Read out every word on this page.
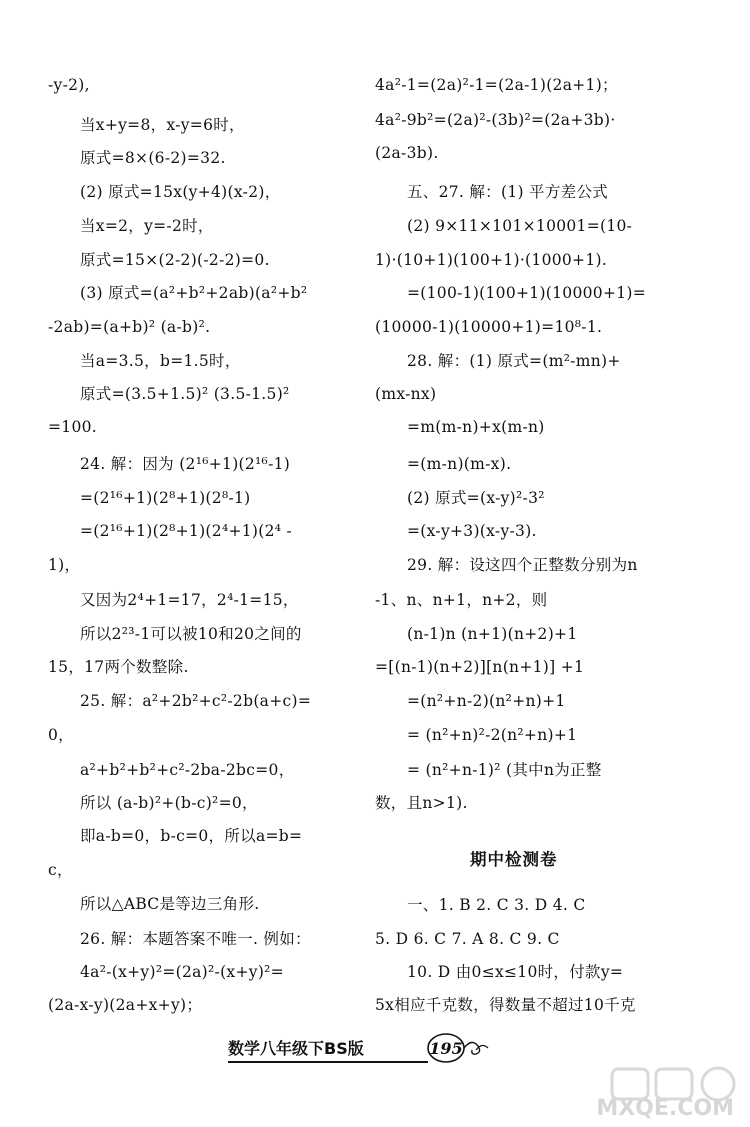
-y-2),
当x+y=8，x-y=6时，
原式=8×(6-2)=32.
(2) 原式=15x(y+4)(x-2)，
当x=2，y=-2时，
原式=15×(2-2)(-2-2)=0.
(3) 原式=(a²+b²+2ab)(a²+b²
-2ab)=(a+b)² (a-b)².
当a=3.5，b=1.5时，
原式=(3.5+1.5)² (3.5-1.5)²
=100.
24. 解：因为 (2¹⁶+1)(2¹⁶-1)
=(2¹⁶+1)(2⁸+1)(2⁸-1)
=(2¹⁶+1)(2⁸+1)(2⁴+1)(2⁴ -
1)，
又因为2⁴+1=17，2⁴-1=15，
所以2²³-1可以被10和20之间的
15，17两个数整除.
25. 解：a²+2b²+c²-2b(a+c)=
0，
a²+b²+b²+c²-2ba-2bc=0，
所以 (a-b)²+(b-c)²=0，
即a-b=0，b-c=0，所以a=b=
c，
所以△ABC是等边三角形.
26. 解：本题答案不唯一. 例如：
4a²-(x+y)²=(2a)²-(x+y)²=
(2a-x-y)(2a+x+y)；
4a²-1=(2a)²-1=(2a-1)(2a+1)；
4a²-9b²=(2a)²-(3b)²=(2a+3b)·
(2a-3b).
五、27. 解：(1) 平方差公式
(2) 9×11×101×10001=(10-
1)·(10+1)(100+1)·(1000+1).
=(100-1)(100+1)(10000+1)=
(10000-1)(10000+1)=10⁸-1.
28. 解：(1) 原式=(m²-mn)+
(mx-nx)
=m(m-n)+x(m-n)
=(m-n)(m-x).
(2) 原式=(x-y)²-3²
=(x-y+3)(x-y-3).
29. 解：设这四个正整数分别为n
-1、n、n+1，n+2，则
(n-1)n (n+1)(n+2)+1
=[(n-1)(n+2)][n(n+1)] +1
=(n²+n-2)(n²+n)+1
= (n²+n)²-2(n²+n)+1
= (n²+n-1)² (其中n为正整
数，且n>1).
期中检测卷
一、1. B 2. C 3. D 4. C
5. D 6. C 7. A 8. C 9. C
10. D 由0≤x≤10时，付款y=
5x相应千克数，得数量不超过10千克
数学八年级下BS版	195
MXQE.COM
